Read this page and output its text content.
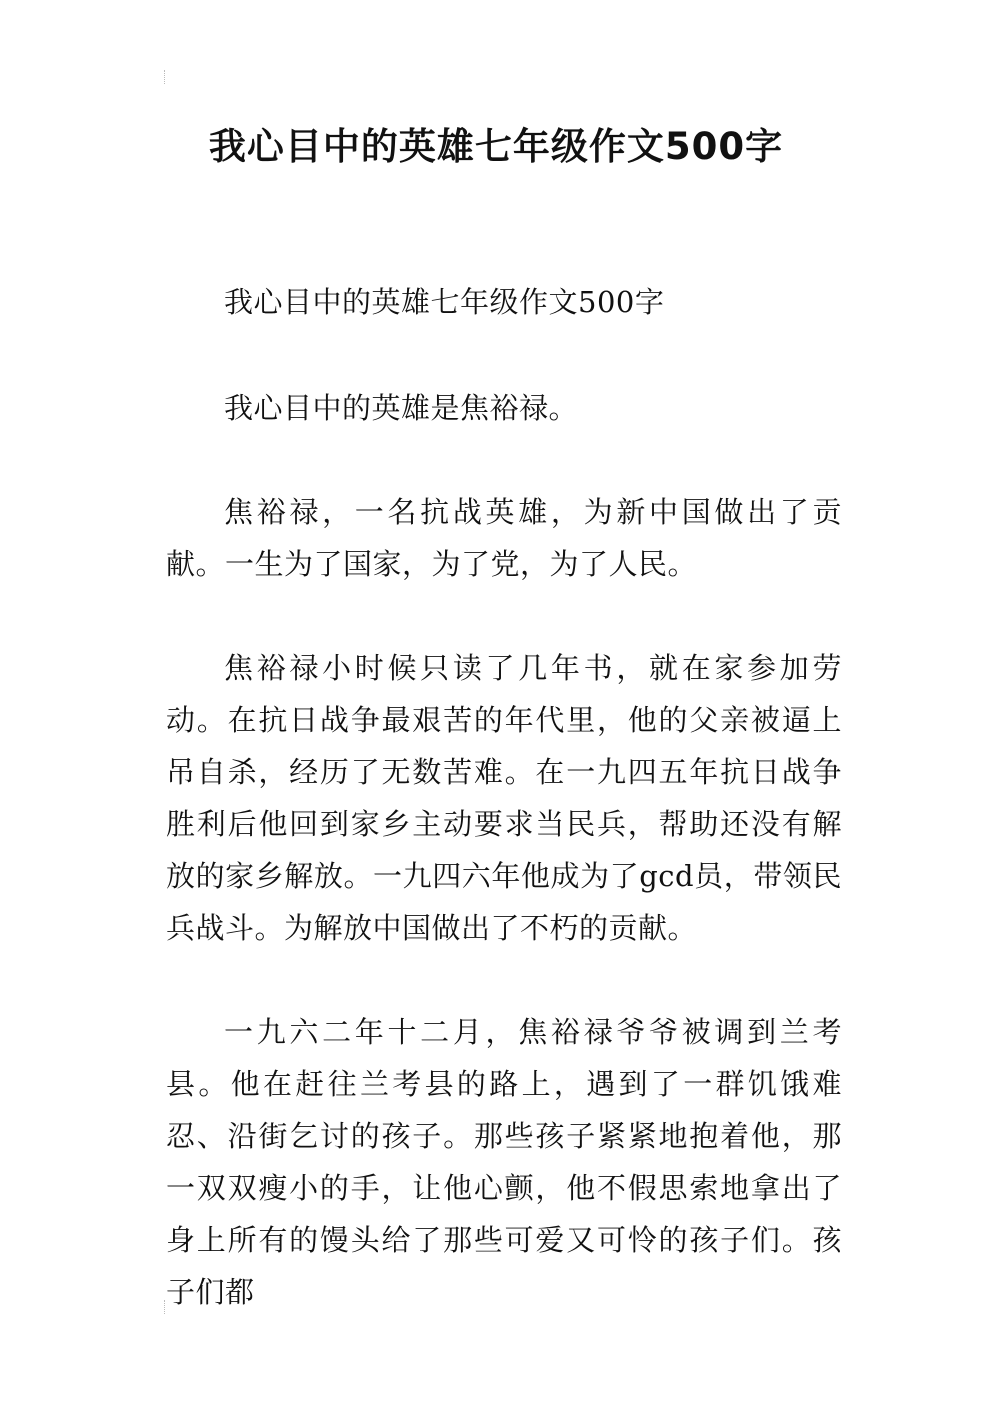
我心目中的英雄七年级作文500字

我心目中的英雄七年级作文500字

我心目中的英雄是焦裕禄。

焦裕禄，一名抗战英雄，为新中国做出了贡献。一生为了国家，为了党，为了人民。

焦裕禄小时候只读了几年书，就在家参加劳动。在抗日战争最艰苦的年代里，他的父亲被逼上吊自杀，经历了无数苦难。在一九四五年抗日战争胜利后他回到家乡主动要求当民兵，帮助还没有解放的家乡解放。一九四六年他成为了gcd员，带领民兵战斗。为解放中国做出了不朽的贡献。

一九六二年十二月，焦裕禄爷爷被调到兰考县。他在赶往兰考县的路上，遇到了一群饥饿难忍、沿街乞讨的孩子。那些孩子紧紧地抱着他，那一双双瘦小的手，让他心颤，他不假思索地拿出了身上所有的馒头给了那些可爱又可怜的孩子们。孩子们都
